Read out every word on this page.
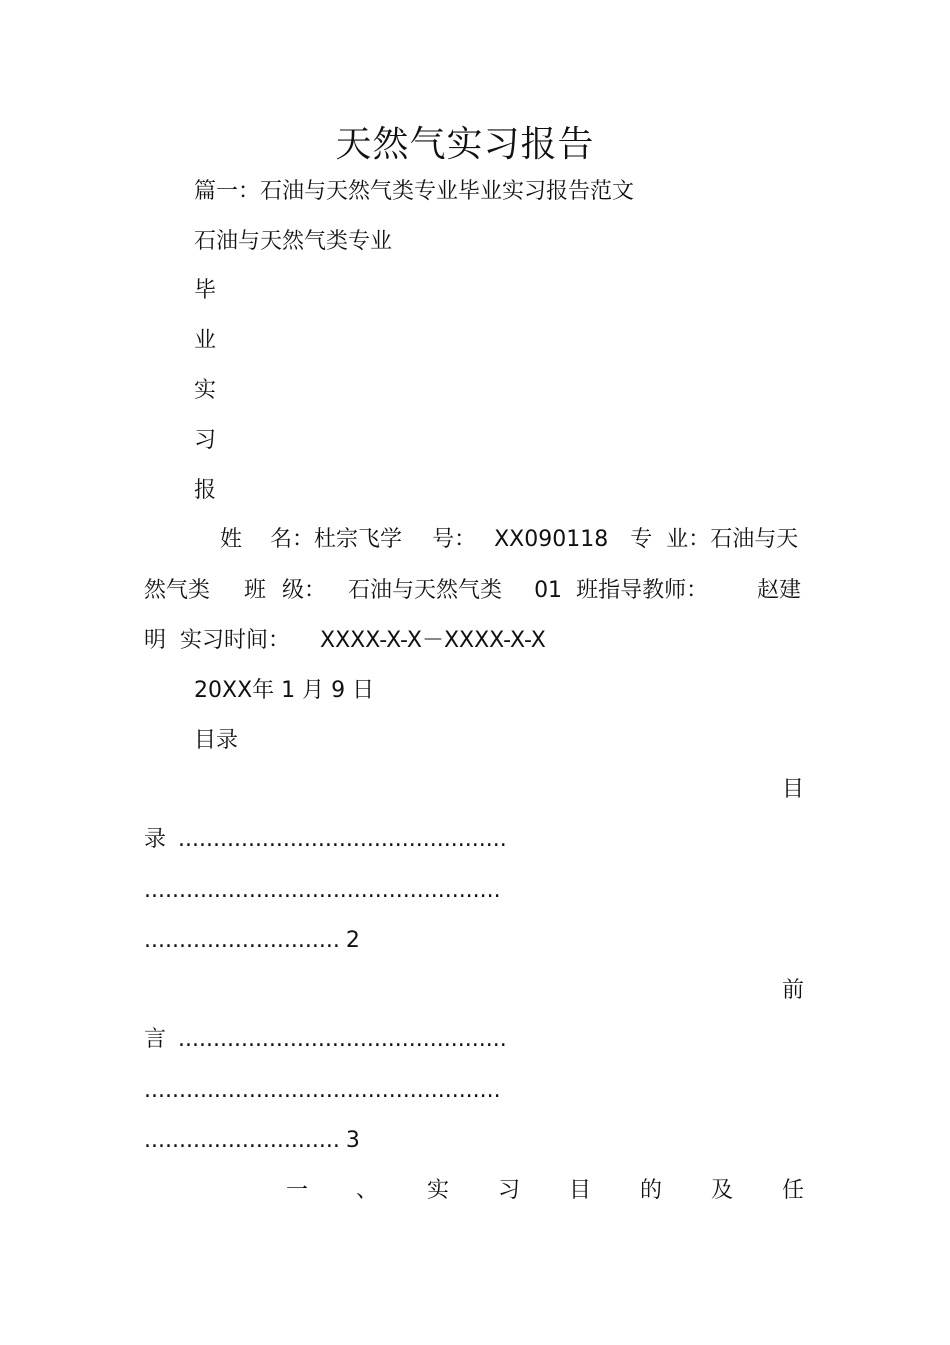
天然气实习报告
篇一：石油与天然气类专业毕业实习报告范文
石油与天然气类专业
毕
业
实
习
报
姓 名：杜宗飞学 号： XX090118 专 业：石油与天
然气类 班 级： 石油与天然气类 01 班指导教师： 赵建
明 实习时间： XXXX-X-X－XXXX-X-X
20XX年 1 月 9 日
目录
目
录 ...............................................
...................................................
............................ 2
前
言 ...............................................
...................................................
............................ 3
一 、 实 习 目 的 及 任
